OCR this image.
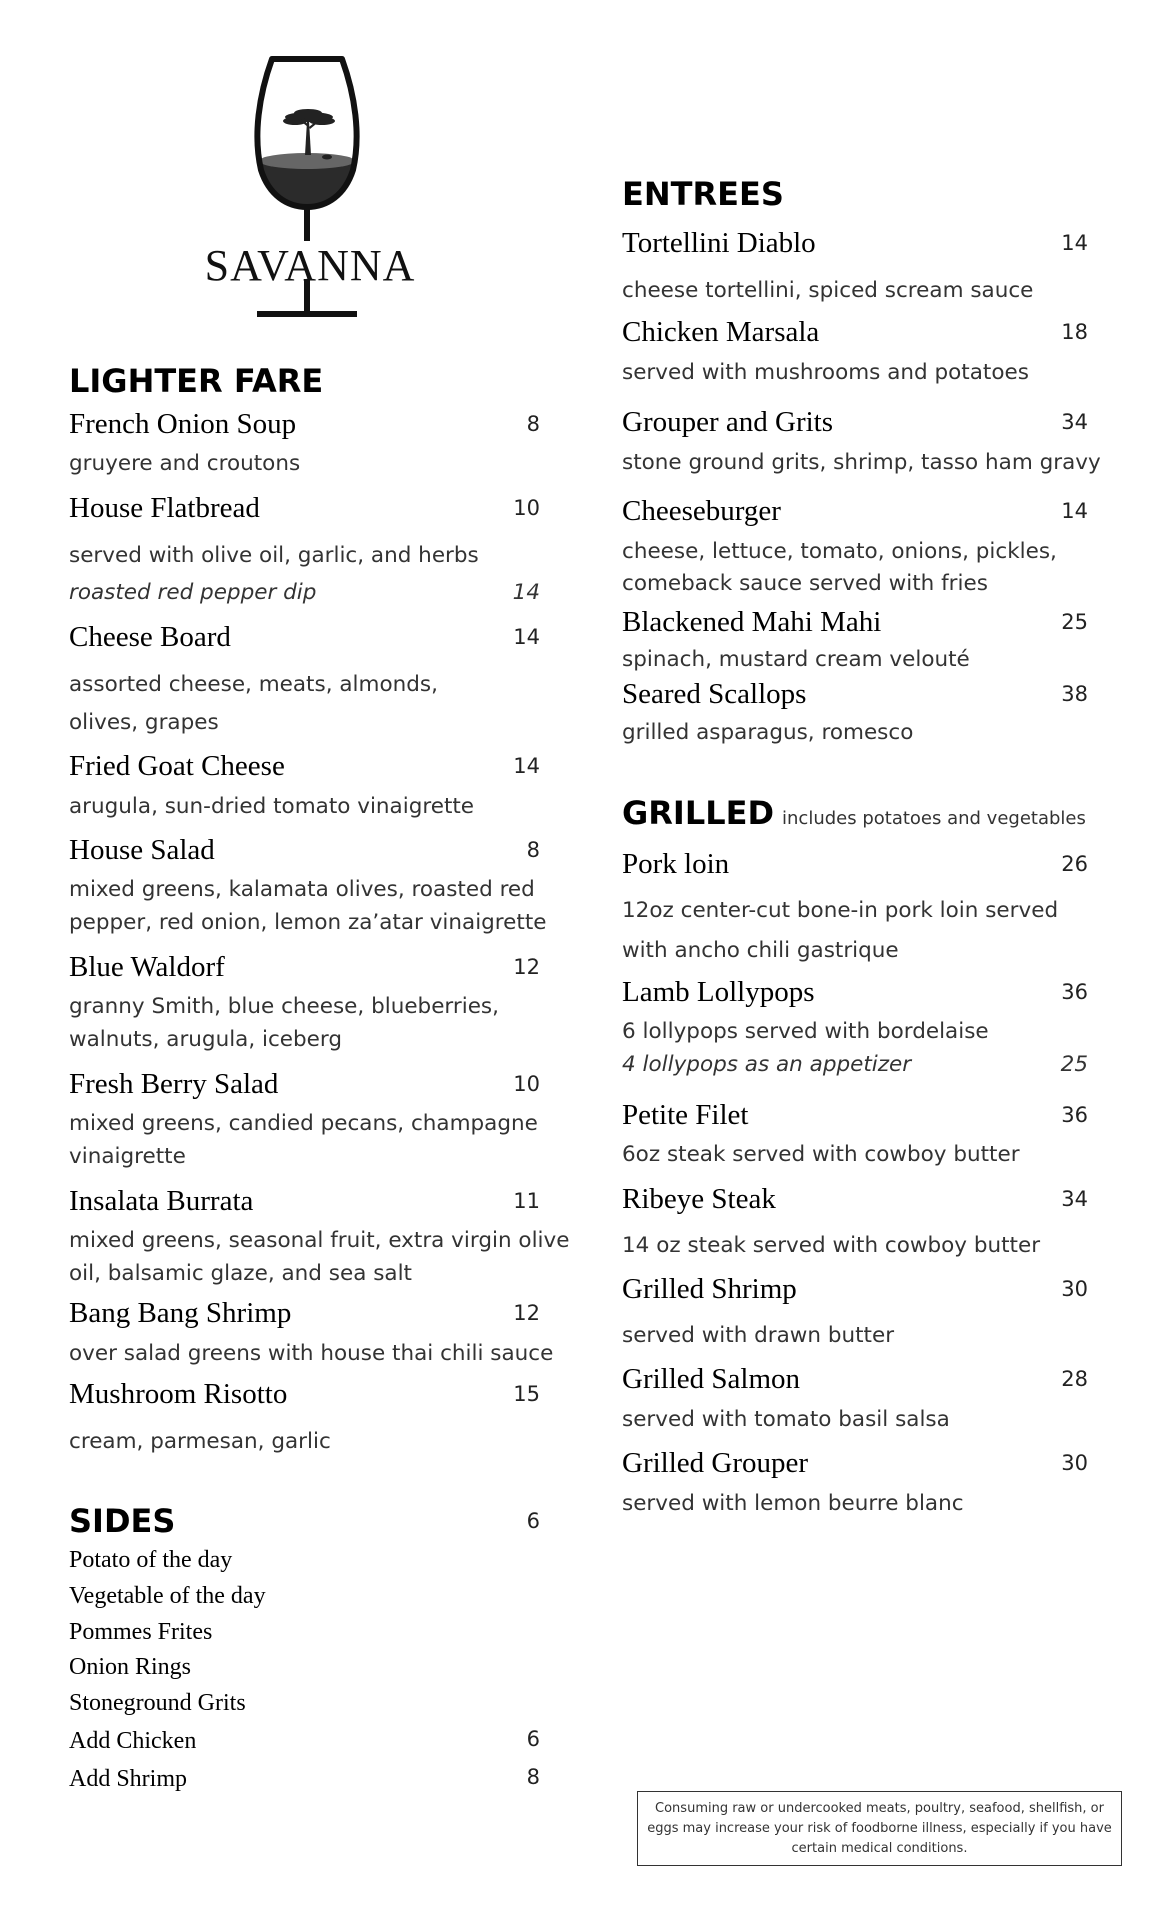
SAVANNA
LIGHTER FARE
French Onion Soup	8
gruyere and croutons
House Flatbread	10
served with olive oil, garlic, and herbs
roasted red pepper dip	14
Cheese Board	14
assorted cheese, meats, almonds,
olives, grapes
Fried Goat Cheese	14
arugula, sun-dried tomato vinaigrette
House Salad	8
mixed greens, kalamata olives, roasted red
pepper, red onion, lemon za’atar vinaigrette
Blue Waldorf	12
granny Smith, blue cheese, blueberries,
walnuts, arugula, iceberg
Fresh Berry Salad	10
mixed greens, candied pecans, champagne
vinaigrette
Insalata Burrata	11
mixed greens, seasonal fruit, extra virgin olive
oil, balsamic glaze, and sea salt
Bang Bang Shrimp	12
over salad greens with house thai chili sauce
Mushroom Risotto	15
cream, parmesan, garlic
SIDES	6
Potato of the day
Vegetable of the day
Pommes Frites
Onion Rings
Stoneground Grits
Add Chicken	6
Add Shrimp	8
ENTREES
Tortellini Diablo	14
cheese tortellini, spiced scream sauce
Chicken Marsala	18
served with mushrooms and potatoes
Grouper and Grits	34
stone ground grits, shrimp, tasso ham gravy
Cheeseburger	14
cheese, lettuce, tomato, onions, pickles,
comeback sauce served with fries
Blackened Mahi Mahi	25
spinach, mustard cream velouté
Seared Scallops	38
grilled asparagus, romesco
GRILLED includes potatoes and vegetables
Pork loin	26
12oz center-cut bone-in pork loin served
with ancho chili gastrique
Lamb Lollypops	36
6 lollypops served with bordelaise
4 lollypops as an appetizer	25
Petite Filet	36
6oz steak served with cowboy butter
Ribeye Steak	34
14 oz steak served with cowboy butter
Grilled Shrimp	30
served with drawn butter
Grilled Salmon	28
served with tomato basil salsa
Grilled Grouper	30
served with lemon beurre blanc
Consuming raw or undercooked meats, poultry, seafood, shellfish, or
eggs may increase your risk of foodborne illness, especially if you have
certain medical conditions.
